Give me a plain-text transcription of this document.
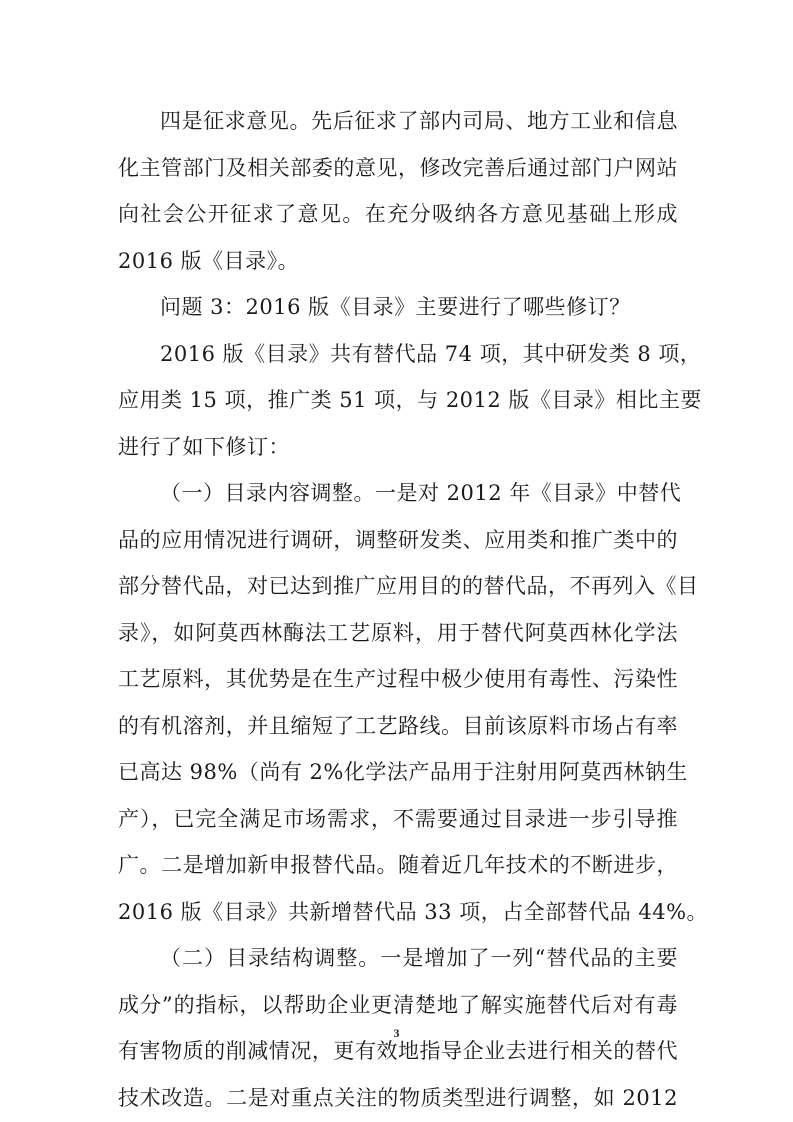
四是征求意见。先后征求了部内司局、地方工业和信息
化主管部门及相关部委的意见，修改完善后通过部门户网站
向社会公开征求了意见。在充分吸纳各方意见基础上形成
2016 版《目录》。
问题 3：2016 版《目录》主要进行了哪些修订？
2016 版《目录》共有替代品 74 项，其中研发类 8 项，
应用类 15 项，推广类 51 项，与 2012 版《目录》相比主要
进行了如下修订：
（一）目录内容调整。一是对 2012 年《目录》中替代
品的应用情况进行调研，调整研发类、应用类和推广类中的
部分替代品，对已达到推广应用目的的替代品，不再列入《目
录》，如阿莫西林酶法工艺原料，用于替代阿莫西林化学法
工艺原料，其优势是在生产过程中极少使用有毒性、污染性
的有机溶剂，并且缩短了工艺路线。目前该原料市场占有率
已高达 98%（尚有 2%化学法产品用于注射用阿莫西林钠生
产），已完全满足市场需求，不需要通过目录进一步引导推
广。二是增加新申报替代品。随着近几年技术的不断进步，
2016 版《目录》共新增替代品 33 项，占全部替代品 44%。
（二）目录结构调整。一是增加了一列“替代品的主要
成分”的指标，以帮助企业更清楚地了解实施替代后对有毒
有害物质的削减情况，更有效地指导企业去进行相关的替代
技术改造。二是对重点关注的物质类型进行调整，如 2012
3
